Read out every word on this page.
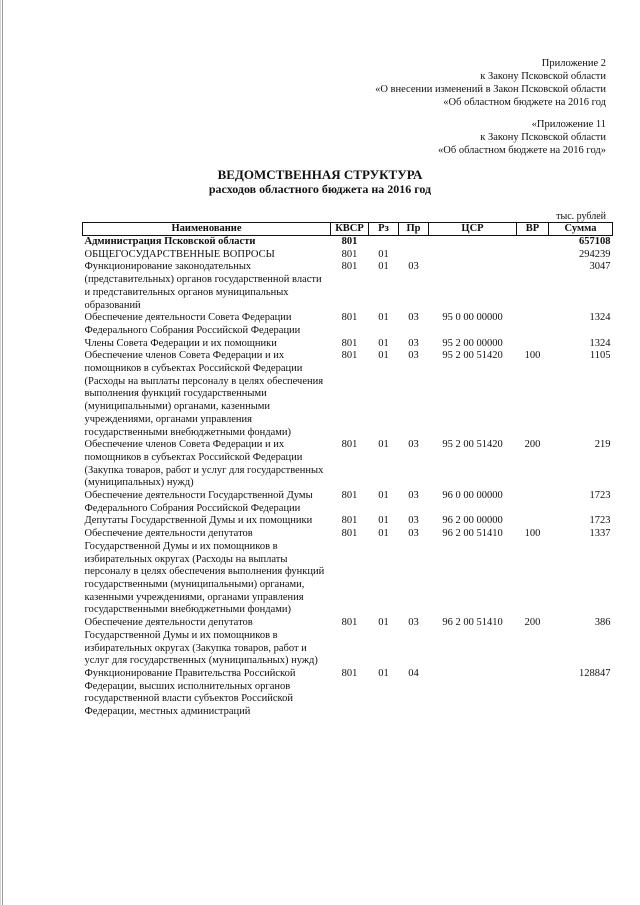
Приложение 2
к Закону Псковской области
«О внесении изменений в Закон Псковской области
«Об областном бюджете на 2016 год
«Приложение 11
к Закону Псковской области
«Об областном бюджете на 2016 год»
ВЕДОМСТВЕННАЯ СТРУКТУРА
расходов областного бюджета на 2016 год
тыс. рублей
Наименование	КВСР	Рз	Пр	ЦСР	ВР	Сумма
Администрация Псковской области	801					657108
ОБЩЕГОСУДАРСТВЕННЫЕ ВОПРОСЫ	801	01				294239
Функционирование законодательных (представительных) органов государственной власти и представительных органов муниципальных образований	801	01	03			3047
Обеспечение деятельности Совета Федерации Федерального Собрания Российской Федерации	801	01	03	95 0 00 00000		1324
Члены Совета Федерации и их помощники	801	01	03	95 2 00 00000		1324
Обеспечение членов Совета Федерации и их помощников в субъектах Российской Федерации (Расходы на выплаты персоналу в целях обеспечения выполнения функций государственными (муниципальными) органами, казенными учреждениями, органами управления государственными внебюджетными фондами)	801	01	03	95 2 00 51420	100	1105
Обеспечение членов Совета Федерации и их помощников в субъектах Российской Федерации (Закупка товаров, работ и услуг для государственных (муниципальных) нужд)	801	01	03	95 2 00 51420	200	219
Обеспечение деятельности Государственной Думы Федерального Собрания Российской Федерации	801	01	03	96 0 00 00000		1723
Депутаты Государственной Думы и их помощники	801	01	03	96 2 00 00000		1723
Обеспечение деятельности депутатов Государственной Думы и их помощников в избирательных округах (Расходы на выплаты персоналу в целях обеспечения выполнения функций государственными (муниципальными) органами, казенными учреждениями, органами управления государственными внебюджетными фондами)	801	01	03	96 2 00 51410	100	1337
Обеспечение деятельности депутатов Государственной Думы и их помощников в избирательных округах (Закупка товаров, работ и услуг для государственных (муниципальных) нужд)	801	01	03	96 2 00 51410	200	386
Функционирование Правительства Российской Федерации, высших исполнительных органов государственной власти субъектов Российской Федерации, местных администраций	801	01	04			128847
